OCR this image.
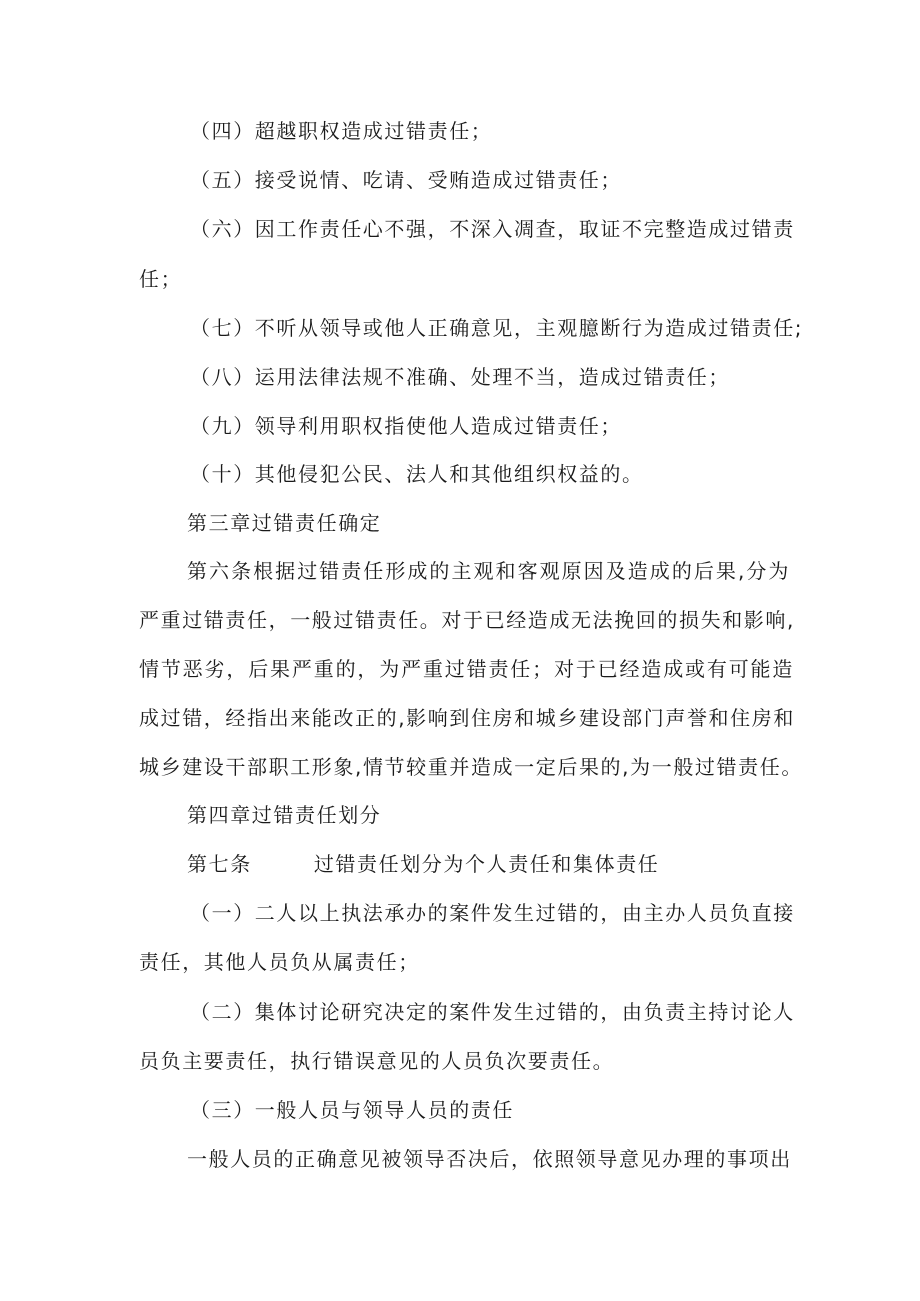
（四）超越职权造成过错责任；
（五）接受说情、吃请、受贿造成过错责任；
（六）因工作责任心不强，不深入凋查，取证不完整造成过错责
任；
（七）不听从领导或他人正确意见，主观臆断行为造成过错责任;
（八）运用法律法规不准确、处理不当，造成过错责任；
（九）领导利用职权指使他人造成过错责任；
（十）其他侵犯公民、法人和其他组织权益的。
第三章过错责任确定
第六条根据过错责任形成的主观和客观原因及造成的后果,分为
严重过错责任，一般过错责任。对于已经造成无法挽回的损失和影响,
情节恶劣，后果严重的，为严重过错责任；对于已经造成或有可能造
成过错，经指出来能改正的,影响到住房和城乡建设部门声誉和住房和
城乡建设干部职工形象,情节较重并造成一定后果的,为一般过错责任。
第四章过错责任划分
第七条	过错责任划分为个人责任和集体责任
（一）二人以上执法承办的案件发生过错的，由主办人员负直接
责任，其他人员负从属责任；
（二）集体讨论研究决定的案件发生过错的，由负责主持讨论人
员负主要责任，执行错误意见的人员负次要责任。
（三）一般人员与领导人员的责任
一般人员的正确意见被领导否决后，依照领导意见办理的事项出
